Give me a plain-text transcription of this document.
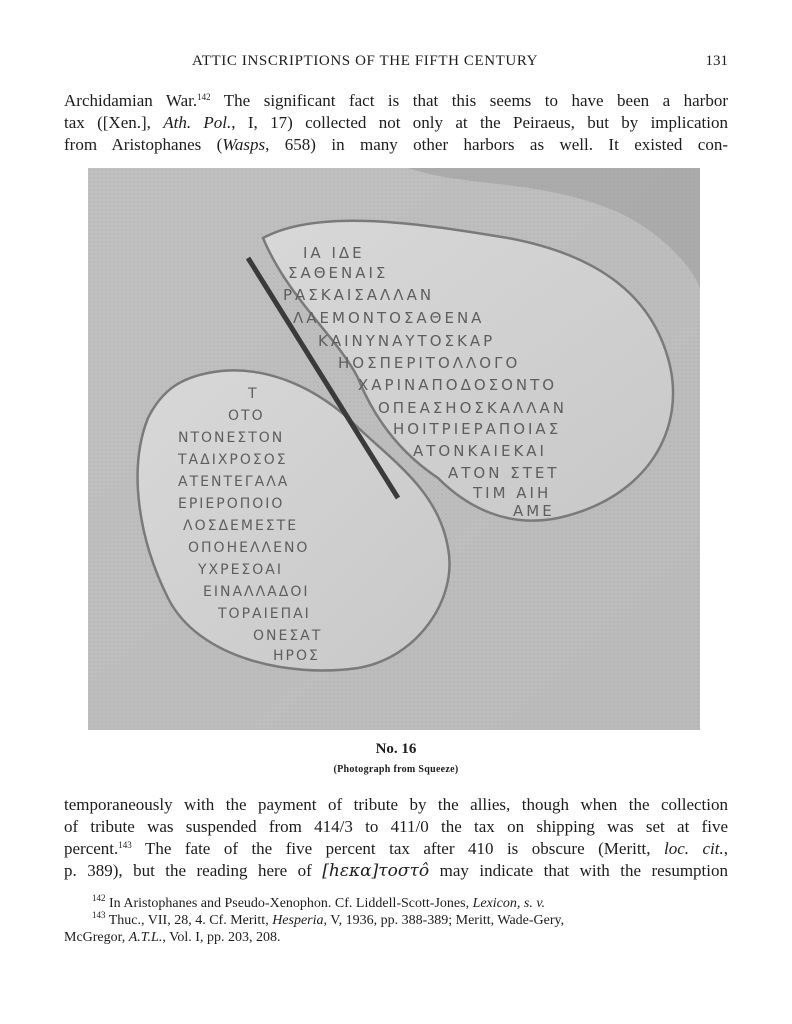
ATTIC INSCRIPTIONS OF THE FIFTH CENTURY	131
Archidamian War.$^{142}$ The significant fact is that this seems to have been a harbor
tax ([Xen.], Ath. Pol., I, 17) collected not only at the Peiraeus, but by implication
from Aristophanes (Wasps, 658) in many other harbors as well. It existed con-
ΙΑ ΙΔΕ
ΣΑΘΕΝΑΙΣ
ΡΑΣΚΑΙΣΑΛΛΑΝ
ΛΑΕΜΟΝΤΟΣΑΘΕΝΑ
ΚΑΙΝΥΝΑΥΤΟΣΚΑΡ
ΗΟΣΠΕΡΙΤΟΛΛΟΓΟ
ΧΑΡΙΝΑΠΟΔΟΣΟΝΤΟ
ΟΠΕΑΣΗΟΣΚΑΛΛΑΝ
ΗΟΙΤΡΙΕΡΑΠΟΙΑΣ
ΑΤΟΝΚΑΙΕΚΑΙ
ΑΤΟΝ ΣΤΕΤ
ΤΙΜ ΑΙΗ
ΑΜΕ
Τ
ΟΤΟ
ΝΤΟΝΕΣΤΟΝ
ΤΑΔΙΧΡΟΣΟΣ
ΑΤΕΝΤΕΓΑΛΑ
ΕΡΙΕΡΟΠΟΙΟ
ΛΟΣΔΕΜΕΣΤΕ
ΟΠΟΗΕΛΛΕΝΟ
ΥΧΡΕΣΟΑΙ
ΕΙΝΑΛΛΑΔΟΙ
ΤΟΡΑΙΕΠΑΙ
ΟΝΕΣΑΤ
ΗΡΟΣ
No. 16
(Photograph from Squeeze)
temporaneously with the payment of tribute by the allies, though when the collection
of tribute was suspended from 414/3 to 411/0 the tax on shipping was set at five
percent.$^{143}$ The fate of the five percent tax after 410 is obscure (Meritt, loc. cit.,
p. 389), but the reading here of [ℎεκα]τοστô may indicate that with the resumption
$^{142}$ In Aristophanes and Pseudo-Xenophon. Cf. Liddell-Scott-Jones, Lexicon, s. v.
$^{143}$ Thuc., VII, 28, 4. Cf. Meritt, Hesperia, V, 1936, pp. 388-389; Meritt, Wade-Gery,
McGregor, A.T.L., Vol. I, pp. 203, 208.
